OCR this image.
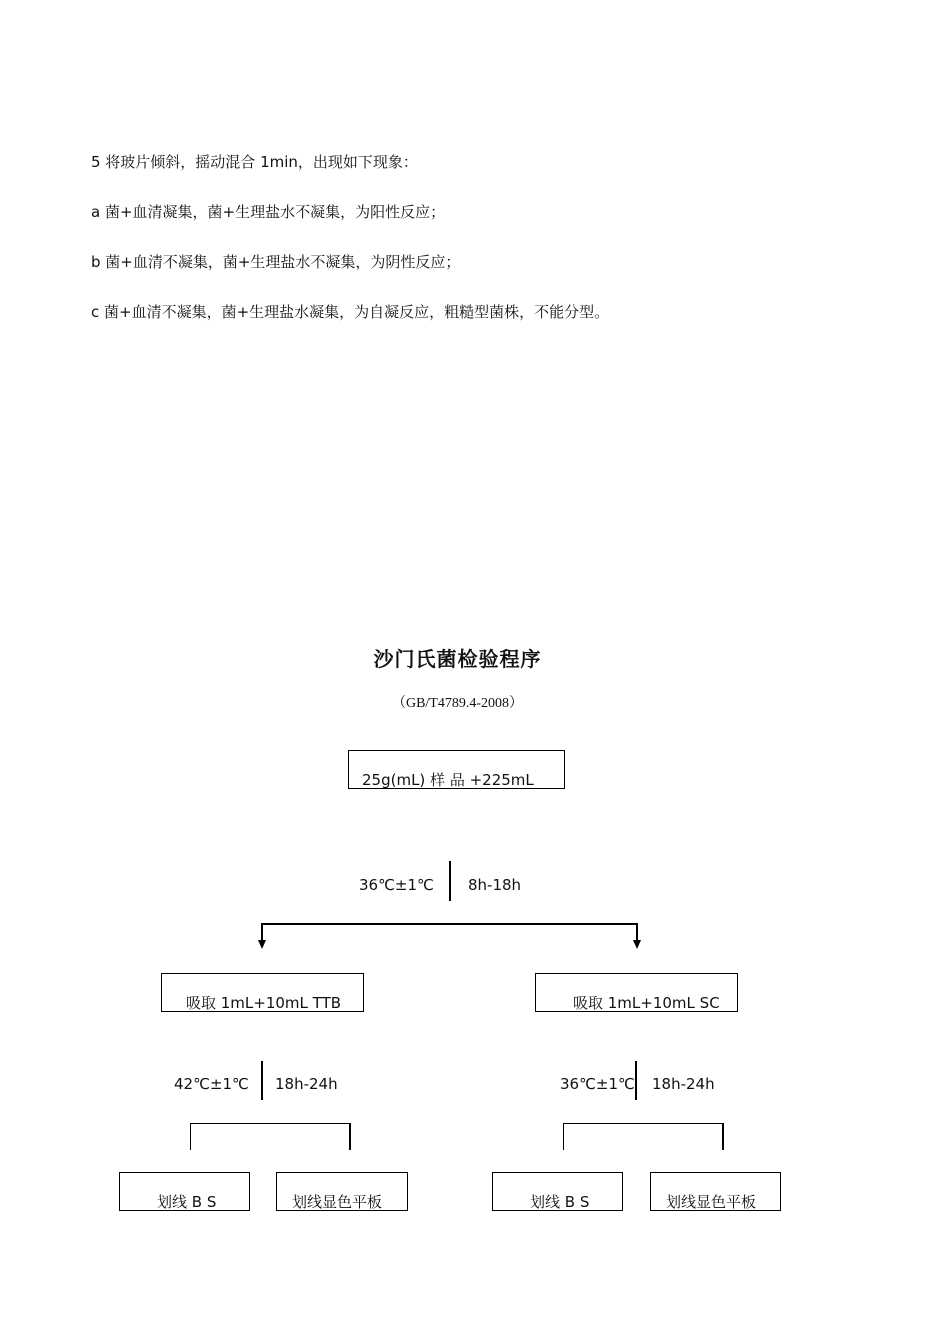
5 将玻片倾斜，摇动混合 1min，出现如下现象：
a 菌+血清凝集，菌+生理盐水不凝集，为阳性反应；
b 菌+血清不凝集，菌+生理盐水不凝集，为阴性反应；
c 菌+血清不凝集，菌+生理盐水凝集，为自凝反应，粗糙型菌株，不能分型。
沙门氏菌检验程序
（GB/T4789.4-2008）
25g(mL) 样 品 +225mL
36℃±1℃ 8h-18h
吸取 1mL+10mL TTB
42℃±1℃ 18h-24h
划线 B S	划线显色平板
吸取 1mL+10mL SC
36℃±1℃ 18h-24h
划线 B S	划线显色平板
